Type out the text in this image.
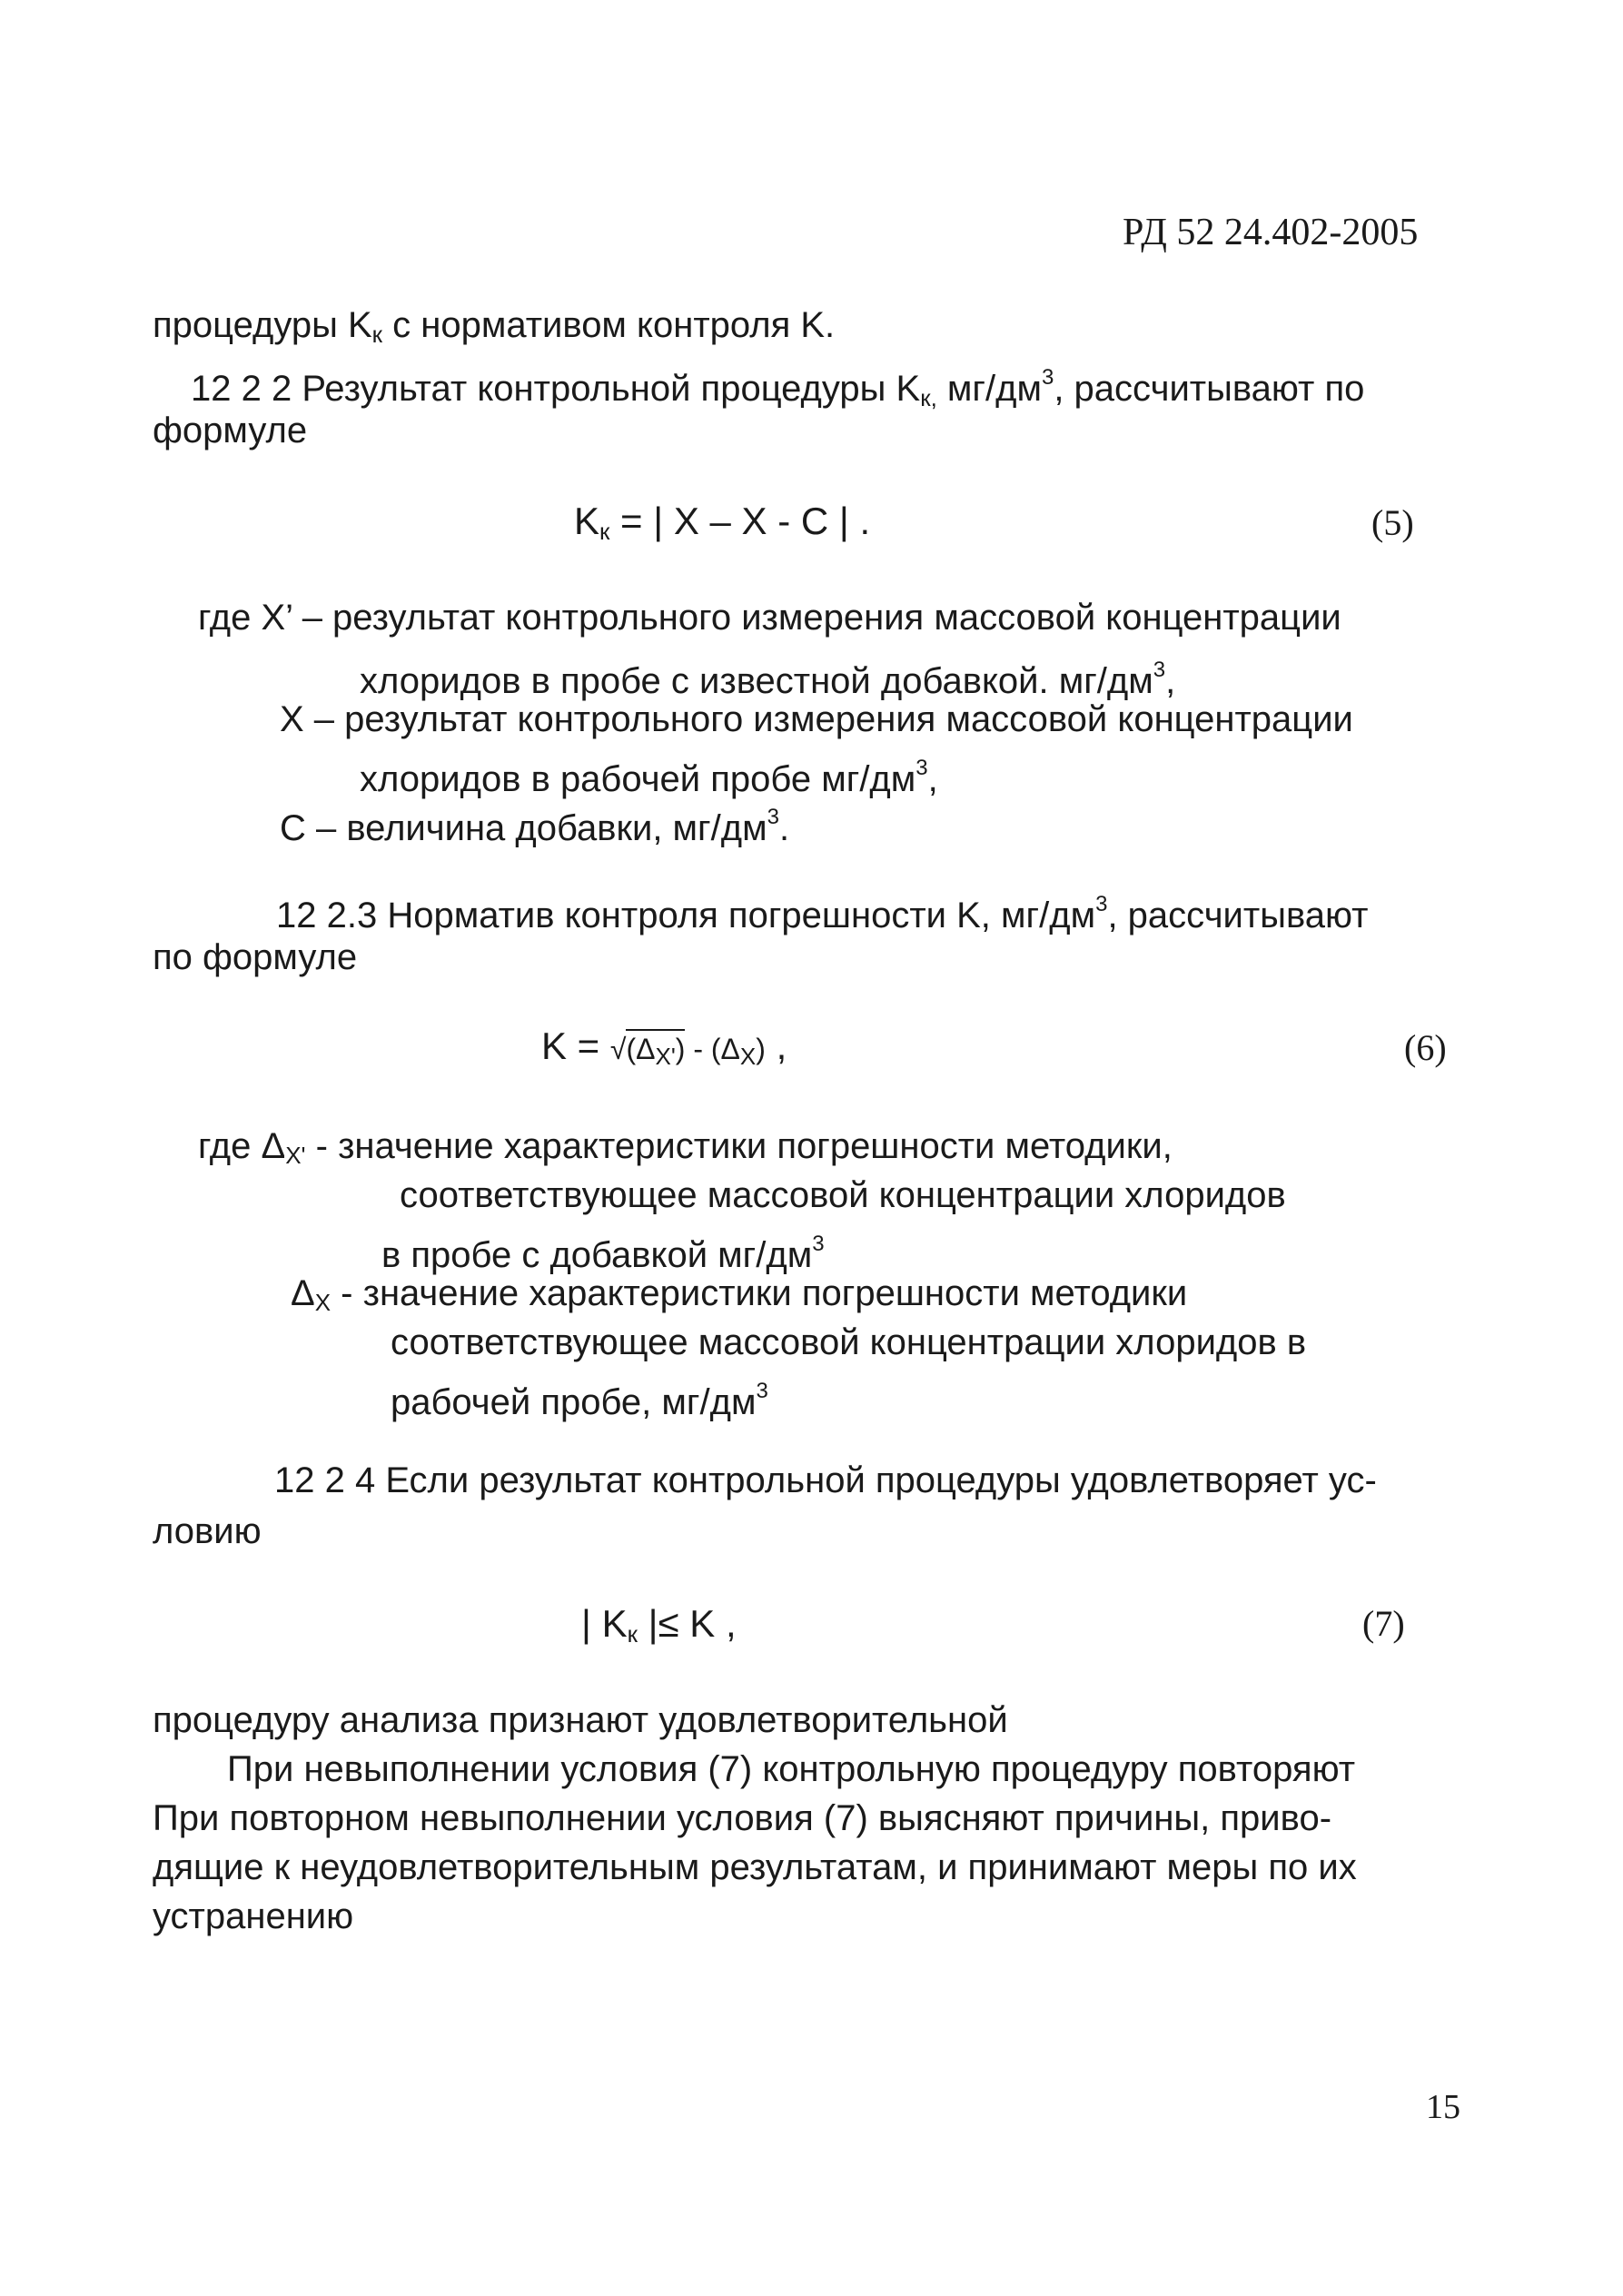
РД 52 24.402-2005
процедуры $K_к$ с нормативом контроля K.
12 2 2 Результат контрольной процедуры $K_{к,}$ $мг/дм^3$, рассчитывают по
формуле
$K_к$ = | X – X - C | .	(5)
где X’ – результат контрольного измерения массовой концентрации
хлоридов в пробе с известной добавкой. $мг/дм^3$,
X – результат контрольного измерения массовой концентрации
хлоридов в рабочей пробе $мг/дм^3$,
C – величина добавки, $мг/дм^3$.
12 2.3 Норматив контроля погрешности K, $мг/дм^3$, рассчитывают
по формуле
$K = √(\Delta_{X'}) - (\Delta_X)$ ,	(6)
где $\Delta_{X'}$ - значение характеристики погрешности методики,
соответствующее массовой концентрации хлоридов
в пробе с добавкой $мг/дм^3$
$\Delta_X$ - значение характеристики погрешности методики
соответствующее массовой концентрации хлоридов в
рабочей пробе, $мг/дм^3$
12 2 4 Если результат контрольной процедуры удовлетворяет ус-
ловию
| $K_к$ |≤ K ,	(7)
процедуру анализа признают удовлетворительной
При невыполнении условия (7) контрольную процедуру повторяют
При повторном невыполнении условия (7) выясняют причины, приво-
дящие к неудовлетворительным результатам, и принимают меры по их
устранению
15
